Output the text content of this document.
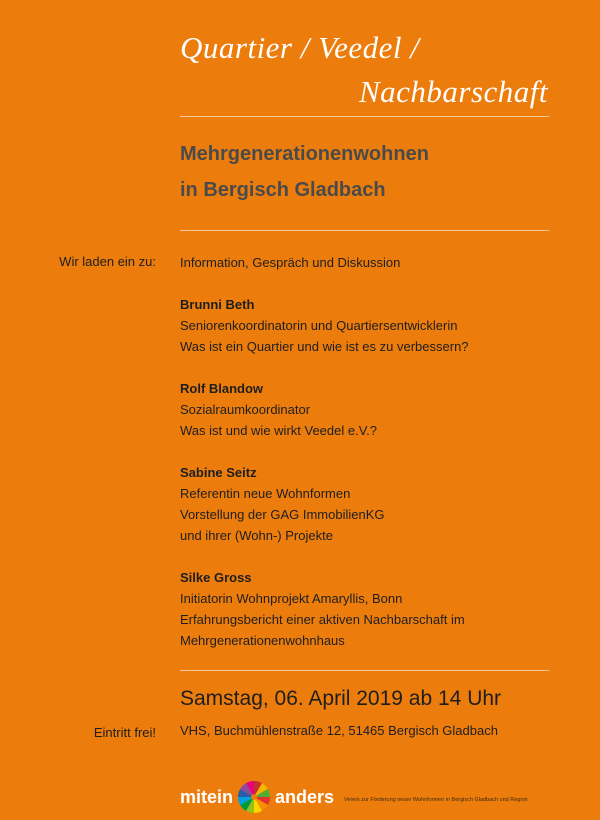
Quartier / Veedel /
Nachbarschaft
Mehrgenerationenwohnen
in Bergisch Gladbach
Wir laden ein zu: Information, Gespräch und Diskussion
Brunni Beth
Seniorenkoordinatorin und Quartiersentwicklerin
Was ist ein Quartier und wie ist es zu verbessern?
Rolf Blandow
Sozialraumkoordinator
Was ist und wie wirkt Veedel e.V.?
Sabine Seitz
Referentin neue Wohnformen
Vorstellung der GAG ImmobilienKG
und ihrer (Wohn-) Projekte
Silke Gross
Initiatorin Wohnprojekt Amaryllis, Bonn
Erfahrungsbericht einer aktiven Nachbarschaft im
Mehrgenerationenwohnhaus
Samstag, 06. April 2019 ab 14 Uhr
Eintritt frei! VHS, Buchmühlenstraße 12, 51465 Bergisch Gladbach
mitein anders Verein zur Förderung neuer Wohnformen in Bergisch Gladbach und Region
